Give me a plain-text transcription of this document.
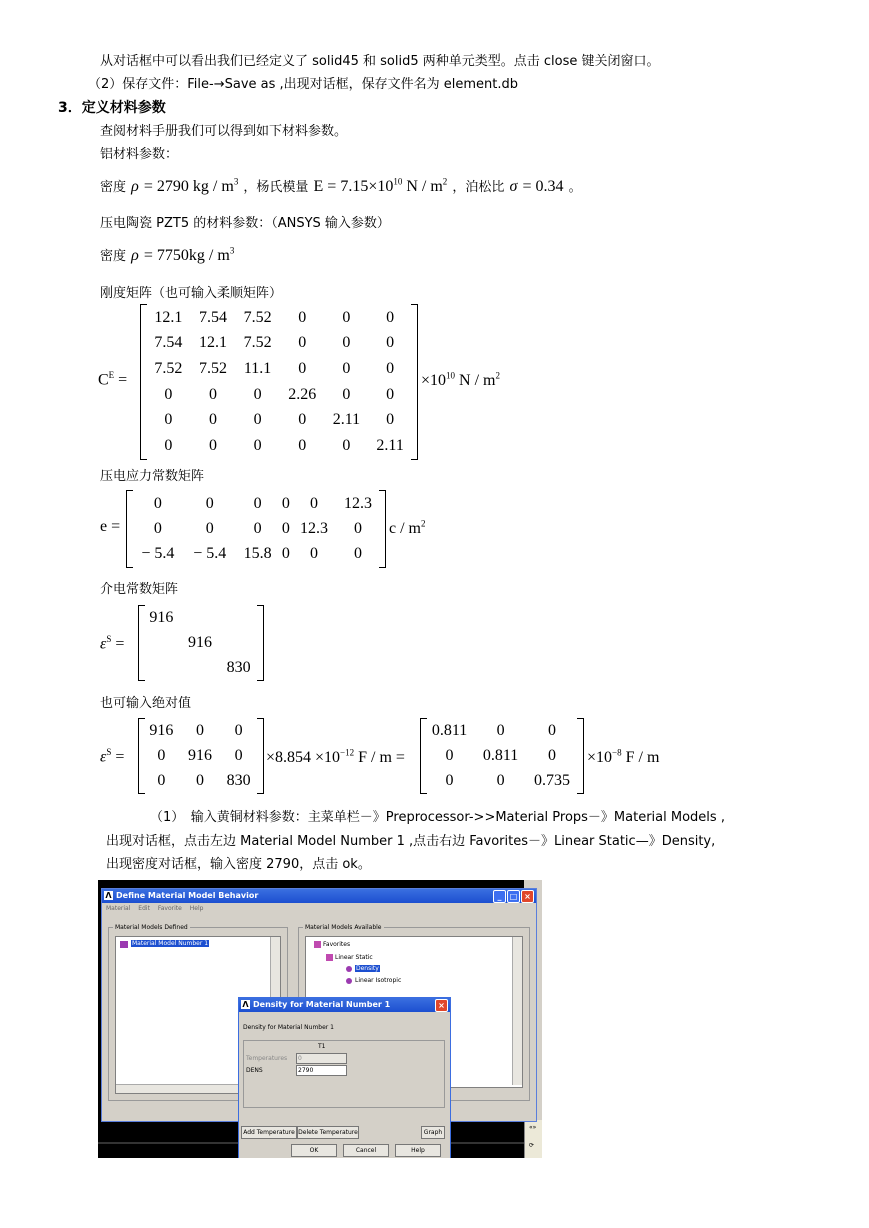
从对话框中可以看出我们已经定义了 solid45 和 solid5 两种单元类型。点击 close 键关闭窗口。
（2）保存文件：File-→Save as ,出现对话框，保存文件名为 element.db
3．定义材料参数
查阅材料手册我们可以得到如下材料参数。
铝材料参数：
密度 ρ = 2790 kg / $m^3$ ，杨氏模量 $E = 7.15\times 10^{10}$ N / $m^2$ ，泊松比 σ = 0.34 。
压电陶瓷 PZT5 的材料参数：（ANSYS 输入参数）
密度 $\rho = 7750kg / m^3$
刚度矩阵（也可输入柔顺矩阵）
$C^E$ =
12.1	7.54	7.52	0	0	0
7.54	12.1	7.52	0	0	0
7.52	7.52	11.1	0	0	0
0	0	0	2.26	0	0
0	0	0	0	2.11	0
0	0	0	0	0	2.11
$\times 10^{10}$ N / $m^2$
压电应力常数矩阵
e =
0	0	0	0	0	12.3
0	0	0	0	12.3	0
− 5.4	− 5.4	15.8	0	0	0
c / $m^2$
介电常数矩阵
$\varepsilon^S$ =
916		
	916	
		830
也可输入绝对值
$\varepsilon^S$ =
916	0	0
0	916	0
0	0	830
$\times 8.854 \times 10^{-12}$ F / m =
0.811	0	0
0	0.811	0
0	0	0.735
$\times 10^{-8}$ F / m
（1）　输入黄铜材料参数：主菜单栏－》Preprocessor->>Material Props－》Material Models ,
出现对话框，点击左边 Material Model Number 1 ,点击右边 Favorites－》Linear Static—》Density,
出现密度对话框，输入密度 2790，点击 ok。
«»
⟳
Λ Define Material Model Behavior	_	□ ×
Material Edit Favorite Help
Material Models Defined
Material Model Number 1
Material Models Available
Favorites
Linear Static
Density
Linear Isotropic
Λ Density for Material Number 1	×
Density for Material Number 1
T1
Temperatures	0
DENS	2790
Add Temperature Delete Temperature	Graph
OK	Cancel	Help
